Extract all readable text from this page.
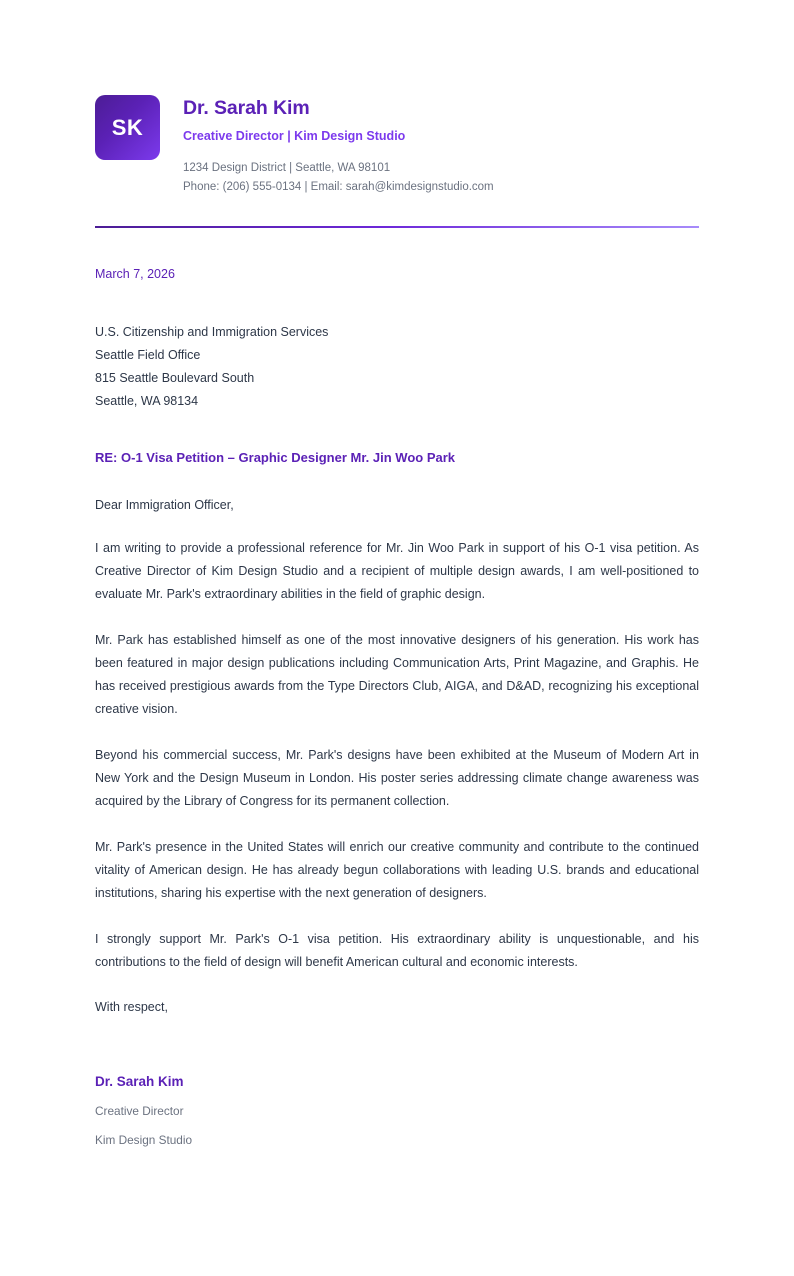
SK
Dr. Sarah Kim
Creative Director | Kim Design Studio
1234 Design District | Seattle, WA 98101
Phone: (206) 555-0134 | Email: sarah@kimdesignstudio.com
March 7, 2026
U.S. Citizenship and Immigration Services
Seattle Field Office
815 Seattle Boulevard South
Seattle, WA 98134
RE: O-1 Visa Petition – Graphic Designer Mr. Jin Woo Park
Dear Immigration Officer,

I am writing to provide a professional reference for Mr. Jin Woo Park in support of his O-1 visa petition. As Creative Director of Kim Design Studio and a recipient of multiple design awards, I am well-positioned to evaluate Mr. Park's extraordinary abilities in the field of graphic design.

Mr. Park has established himself as one of the most innovative designers of his generation. His work has been featured in major design publications including Communication Arts, Print Magazine, and Graphis. He has received prestigious awards from the Type Directors Club, AIGA, and D&AD, recognizing his exceptional creative vision.

Beyond his commercial success, Mr. Park's designs have been exhibited at the Museum of Modern Art in New York and the Design Museum in London. His poster series addressing climate change awareness was acquired by the Library of Congress for its permanent collection.

Mr. Park's presence in the United States will enrich our creative community and contribute to the continued vitality of American design. He has already begun collaborations with leading U.S. brands and educational institutions, sharing his expertise with the next generation of designers.

I strongly support Mr. Park's O-1 visa petition. His extraordinary ability is unquestionable, and his contributions to the field of design will benefit American cultural and economic interests.

With respect,
Dr. Sarah Kim
Creative Director
Kim Design Studio
